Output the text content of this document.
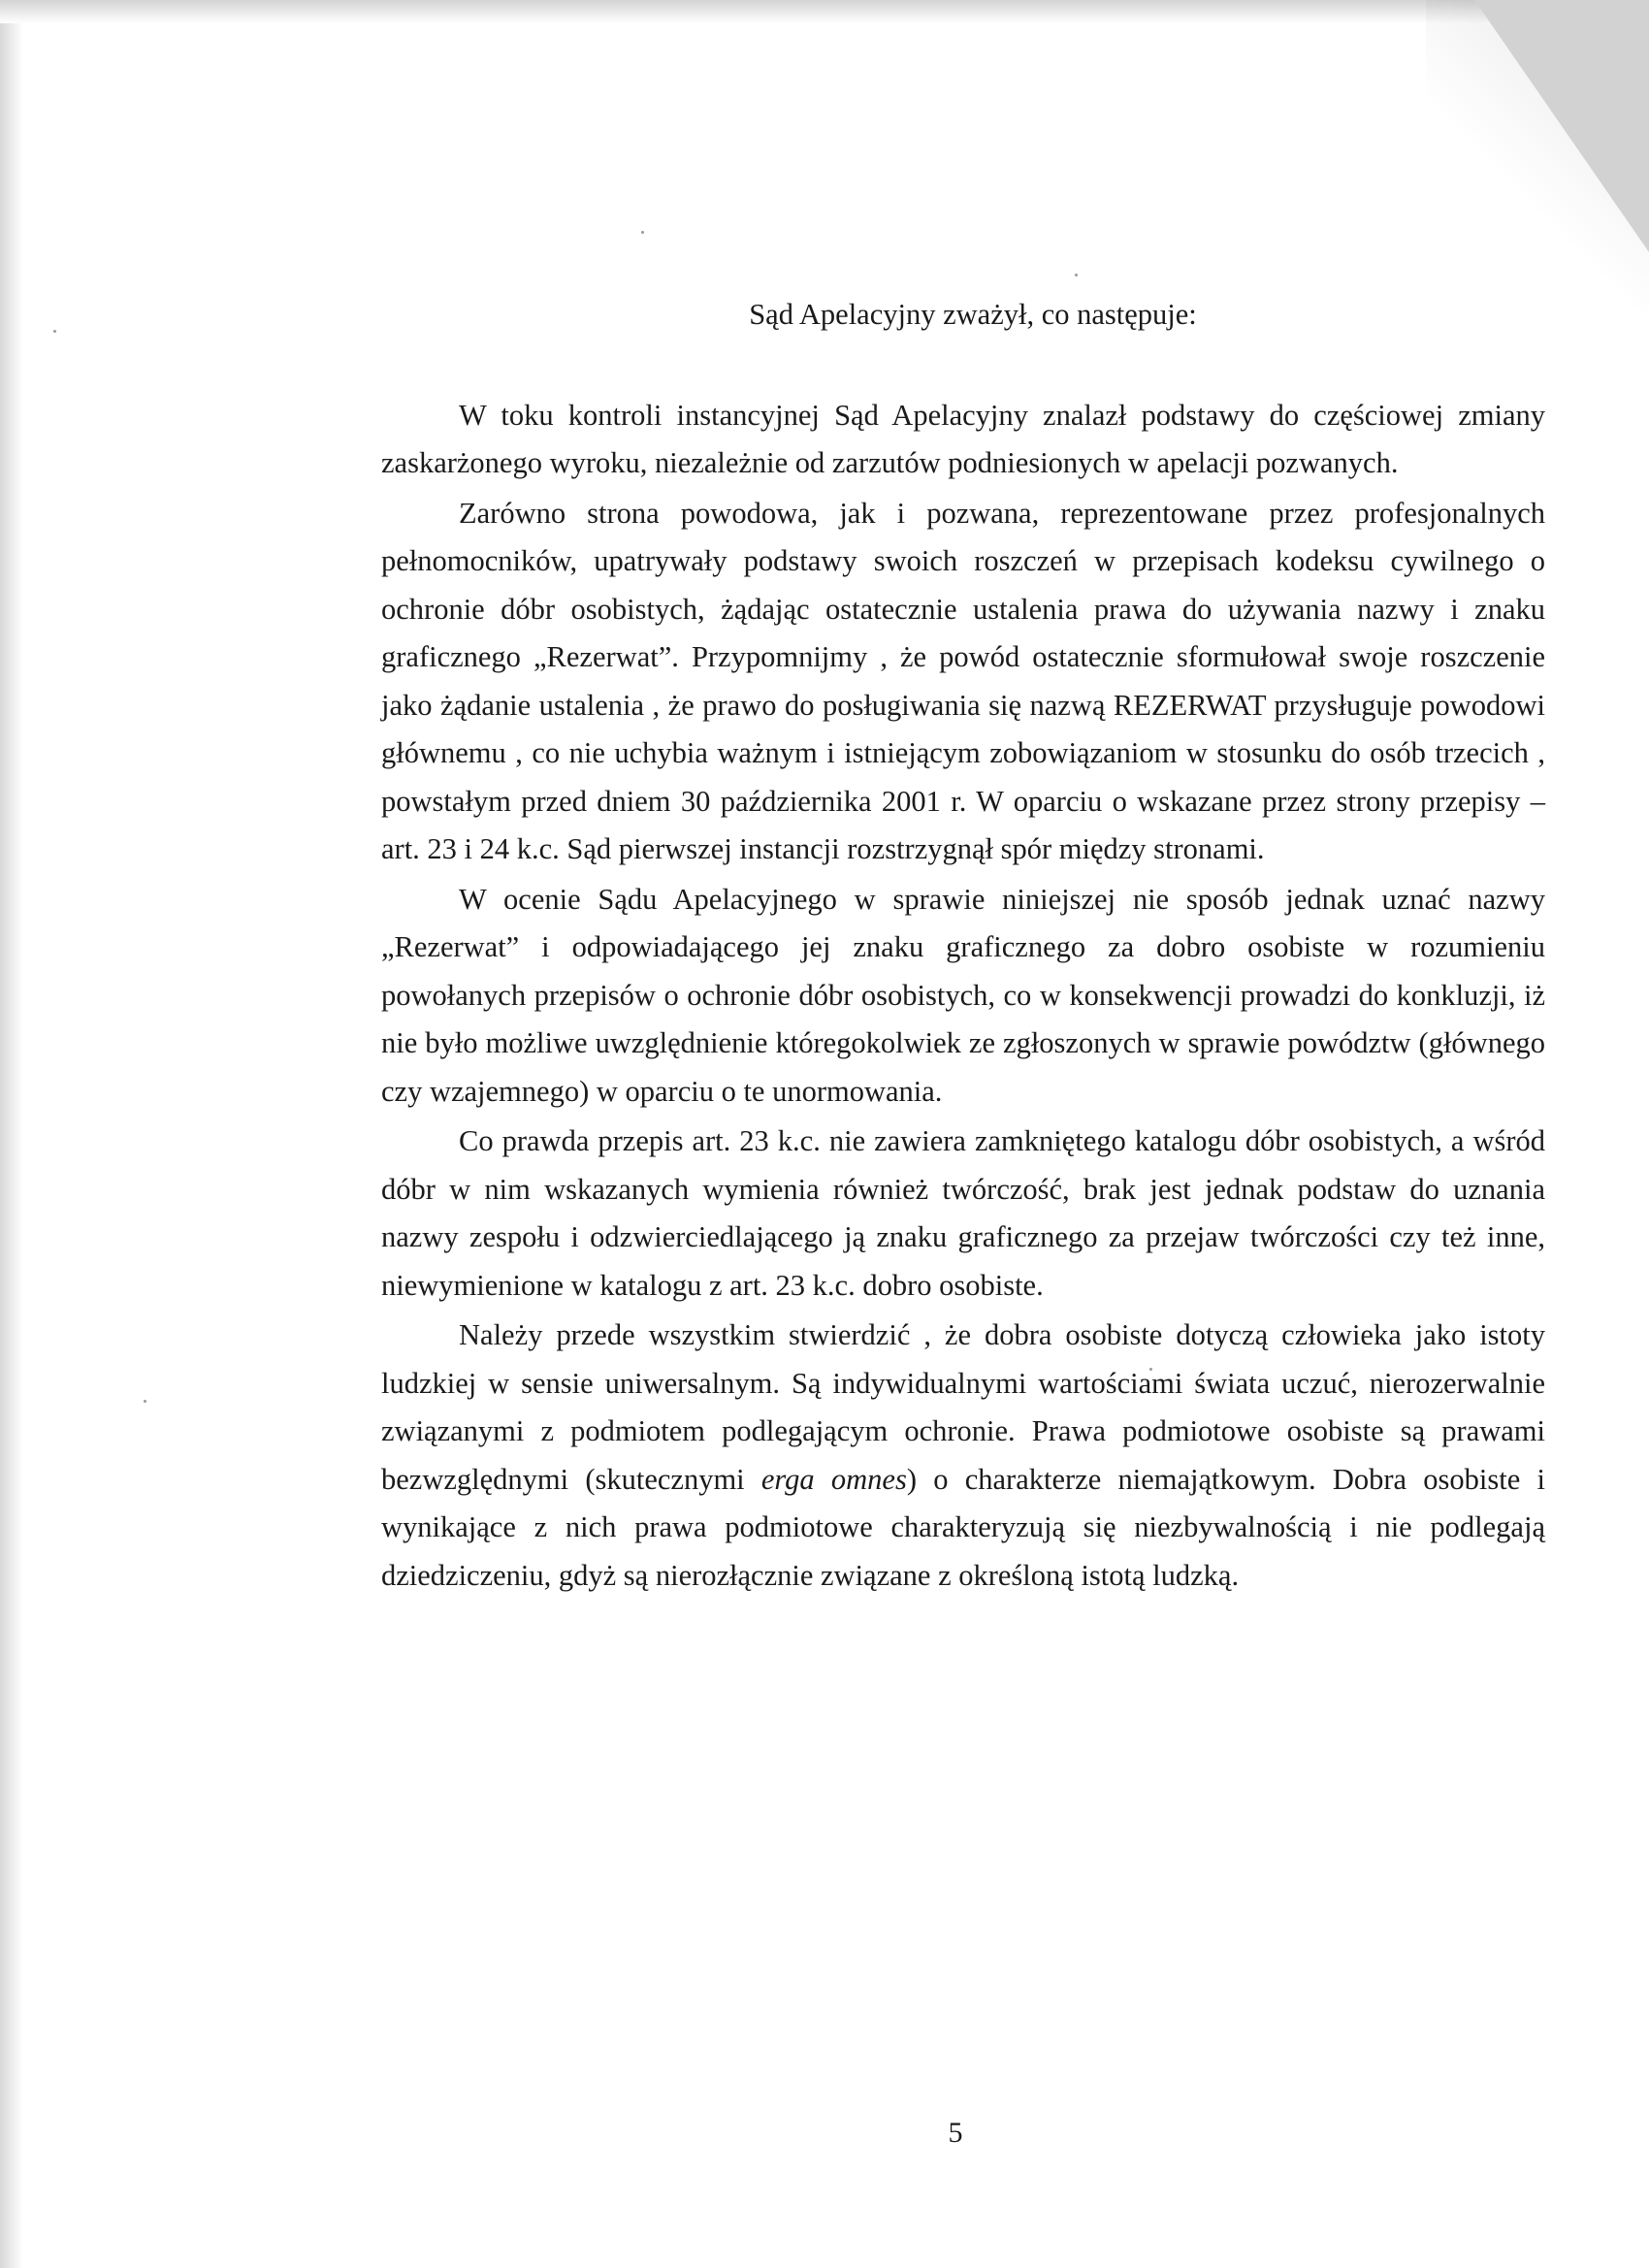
Sąd Apelacyjny zważył, co następuje:

W toku kontroli instancyjnej Sąd Apelacyjny znalazł podstawy do częściowej zmiany zaskarżonego wyroku, niezależnie od zarzutów podniesionych w apelacji pozwanych.

Zarówno strona powodowa, jak i pozwana, reprezentowane przez profesjonalnych pełnomocników, upatrywały podstawy swoich roszczeń w przepisach kodeksu cywilnego o ochronie dóbr osobistych, żądając ostatecznie ustalenia prawa do używania nazwy i znaku graficznego „Rezerwat”. Przypomnijmy , że powód ostatecznie sformułował swoje roszczenie jako żądanie ustalenia , że prawo do posługiwania się nazwą REZERWAT przysługuje powodowi głównemu , co nie uchybia ważnym i istniejącym zobowiązaniom w stosunku do osób trzecich , powstałym przed dniem 30 października 2001 r. W oparciu o wskazane przez strony przepisy – art. 23 i 24 k.c. Sąd pierwszej instancji rozstrzygnął spór między stronami.

W ocenie Sądu Apelacyjnego w sprawie niniejszej nie sposób jednak uznać nazwy „Rezerwat” i odpowiadającego jej znaku graficznego za dobro osobiste w rozumieniu powołanych przepisów o ochronie dóbr osobistych, co w konsekwencji prowadzi do konkluzji, iż nie było możliwe uwzględnienie któregokolwiek ze zgłoszonych w sprawie powództw (głównego czy wzajemnego) w oparciu o te unormowania.

Co prawda przepis art. 23 k.c. nie zawiera zamkniętego katalogu dóbr osobistych, a wśród dóbr w nim wskazanych wymienia również twórczość, brak jest jednak podstaw do uznania nazwy zespołu i odzwierciedlającego ją znaku graficznego za przejaw twórczości czy też inne, niewymienione w katalogu z art. 23 k.c. dobro osobiste.

Należy przede wszystkim stwierdzić , że dobra osobiste dotyczą człowieka jako istoty ludzkiej w sensie uniwersalnym. Są indywidualnymi wartościami świata uczuć, nierozerwalnie związanymi z podmiotem podlegającym ochronie. Prawa podmiotowe osobiste są prawami bezwzględnymi (skutecznymi erga omnes) o charakterze niemajątkowym. Dobra osobiste i wynikające z nich prawa podmiotowe charakteryzują się niezbywalnością i nie podlegają dziedziczeniu, gdyż są nierozłącznie związane z określoną istotą ludzką.

5
